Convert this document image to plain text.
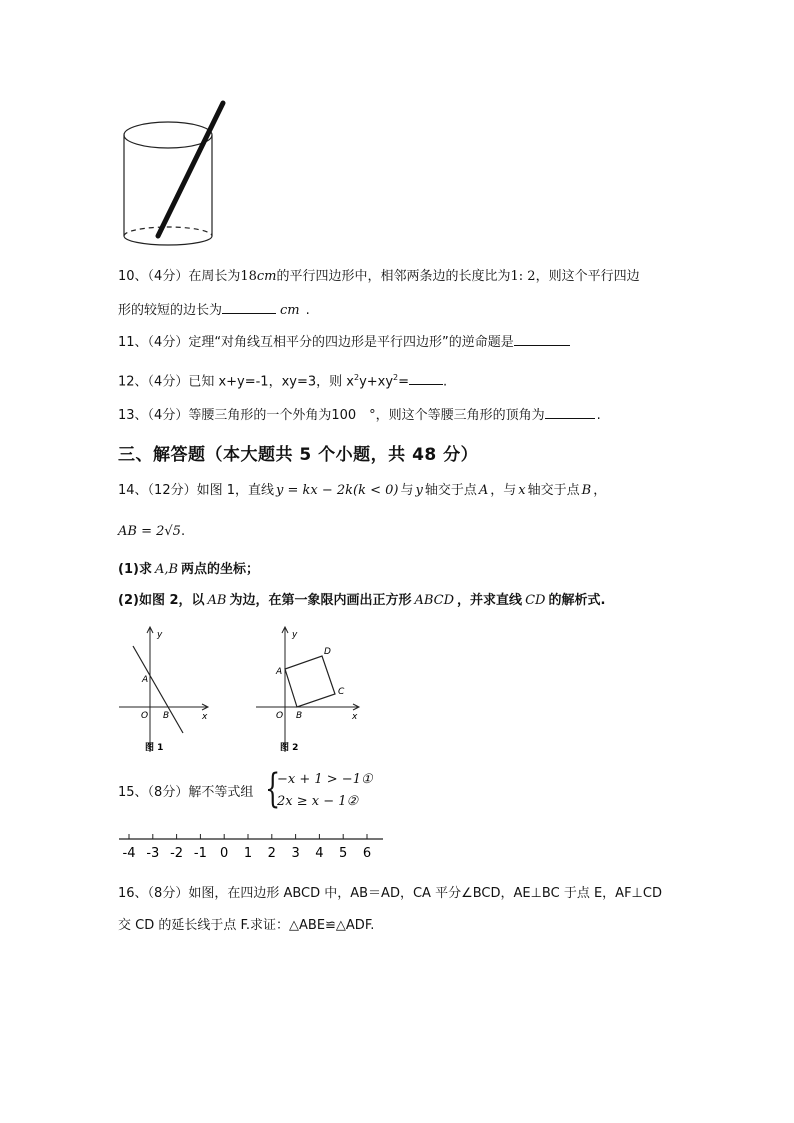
10、（4分）在周长为18cm的平行四边形中，相邻两条边的长度比为1: 2，则这个平行四边
形的较短的边长为	cm .
11、（4分）定理“对角线互相平分的四边形是平行四边形”的逆命题是
12、（4分）已知 x+y=-1，xy=3，则 $x^2y+xy^2=$	.
13、（4分）等腰三角形的一个外角为100　°，则这个等腰三角形的顶角为	.
三、解答题（本大题共 5 个小题，共 48 分）
14、（12分）如图 1，直线 y = kx − 2k(k < 0) 与 y 轴交于点 A ，与 x 轴交于点 B ，
AB = 2√5.
(1)求 A,B 两点的坐标；
(2)如图 2，以 AB 为边，在第一象限内画出正方形 ABCD ，并求直线 CD 的解析式.
y
x
A
O B
图 1
y
x
A
D
C
O B
图 2
15、（8分）解不等式组 {
−x + 1 > −1①
2x ≥ x − 1②
-4 -3 -2 -1 0 1 2 3 4 5 6
16、（8分）如图，在四边形 ABCD 中，AB＝AD，CA 平分∠BCD，AE⊥BC 于点 E，AF⊥CD
交 CD 的延长线于点 F.求证：△ABE≌△ADF.
